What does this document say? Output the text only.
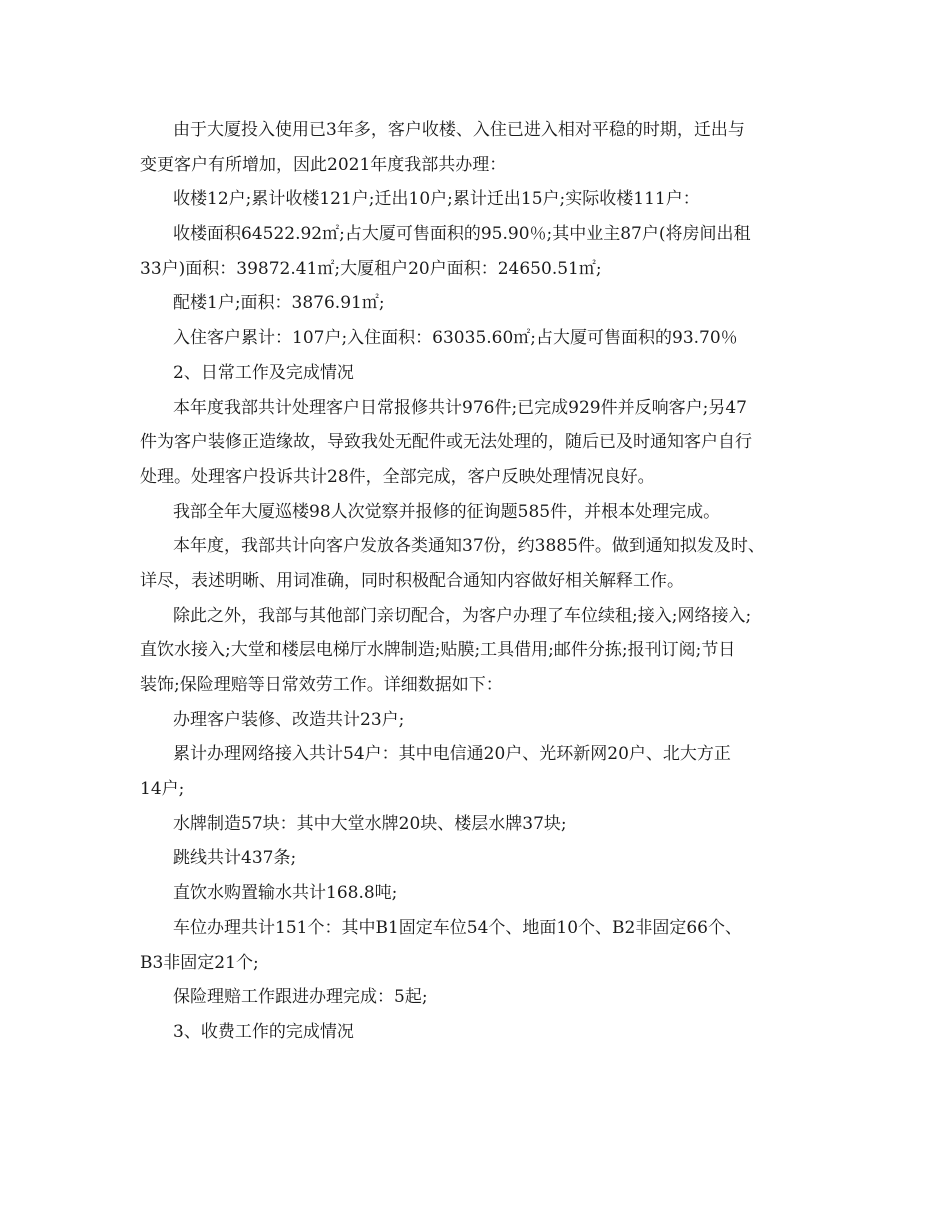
由于大厦投入使用已3年多，客户收楼、入住已进入相对平稳的时期，迁出与
变更客户有所增加，因此2021年度我部共办理：
收楼12户;累计收楼121户;迁出10户;累计迁出15户;实际收楼111户：
收楼面积64522.92㎡;占大厦可售面积的95.90％;其中业主87户(将房间出租
33户)面积：39872.41㎡;大厦租户20户面积：24650.51㎡;
配楼1户;面积：3876.91㎡;
入住客户累计：107户;入住面积：63035.60㎡;占大厦可售面积的93.70％
2、日常工作及完成情况
本年度我部共计处理客户日常报修共计976件;已完成929件并反响客户;另47
件为客户装修正造缘故，导致我处无配件或无法处理的，随后已及时通知客户自行
处理。处理客户投诉共计28件，全部完成，客户反映处理情况良好。
我部全年大厦巡楼98人次觉察并报修的征询题585件，并根本处理完成。
本年度，我部共计向客户发放各类通知37份，约3885件。做到通知拟发及时、
详尽，表述明晰、用词准确，同时积极配合通知内容做好相关解释工作。
除此之外，我部与其他部门亲切配合，为客户办理了车位续租;接入;网络接入;
直饮水接入;大堂和楼层电梯厅水牌制造;贴膜;工具借用;邮件分拣;报刊订阅;节日
装饰;保险理赔等日常效劳工作。详细数据如下：
办理客户装修、改造共计23户;
累计办理网络接入共计54户：其中电信通20户、光环新网20户、北大方正
14户;
水牌制造57块：其中大堂水牌20块、楼层水牌37块;
跳线共计437条;
直饮水购置输水共计168.8吨;
车位办理共计151个：其中B1固定车位54个、地面10个、B2非固定66个、
B3非固定21个;
保险理赔工作跟进办理完成：5起;
3、收费工作的完成情况
